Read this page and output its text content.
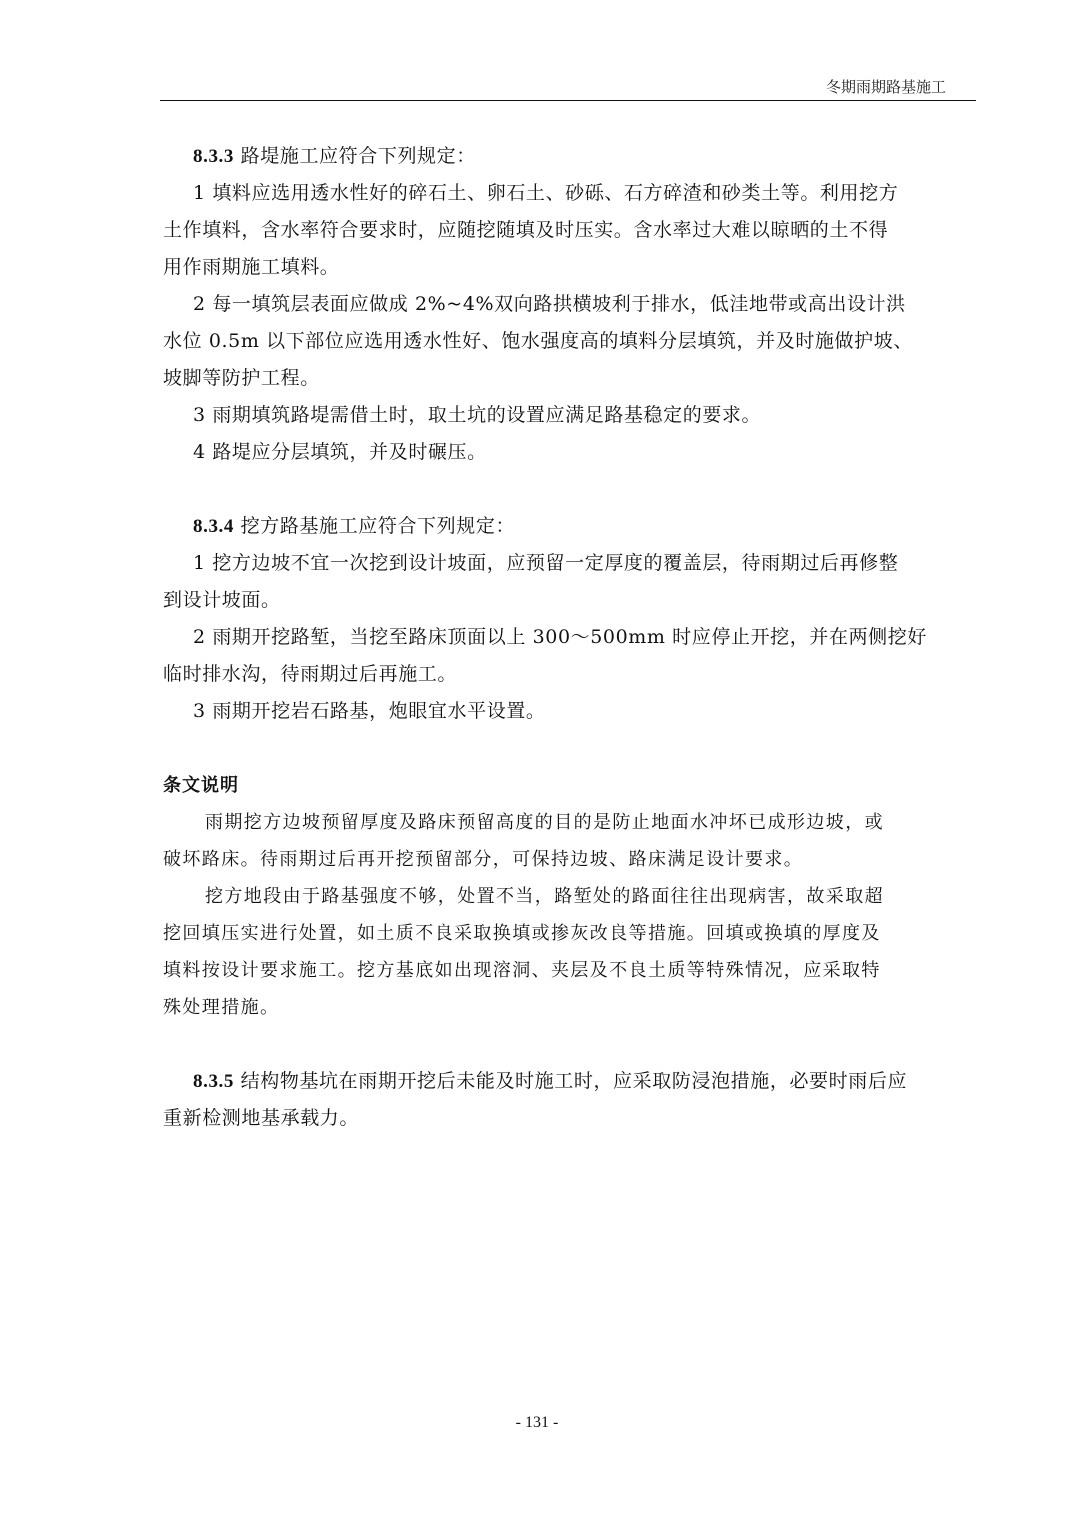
冬期雨期路基施工
8.3.3 路堤施工应符合下列规定：
1 填料应选用透水性好的碎石土、卵石土、砂砾、石方碎渣和砂类土等。利用挖方
土作填料，含水率符合要求时，应随挖随填及时压实。含水率过大难以晾晒的土不得
用作雨期施工填料。
2 每一填筑层表面应做成 2%~4%双向路拱横坡利于排水，低洼地带或高出设计洪
水位 0.5m 以下部位应选用透水性好、饱水强度高的填料分层填筑，并及时施做护坡、
坡脚等防护工程。
3 雨期填筑路堤需借土时，取土坑的设置应满足路基稳定的要求。
4 路堤应分层填筑，并及时碾压。
8.3.4 挖方路基施工应符合下列规定：
1 挖方边坡不宜一次挖到设计坡面，应预留一定厚度的覆盖层，待雨期过后再修整
到设计坡面。
2 雨期开挖路堑，当挖至路床顶面以上 300～500mm 时应停止开挖，并在两侧挖好
临时排水沟，待雨期过后再施工。
3 雨期开挖岩石路基，炮眼宜水平设置。
条文说明
雨期挖方边坡预留厚度及路床预留高度的目的是防止地面水冲坏已成形边坡，或
破坏路床。待雨期过后再开挖预留部分，可保持边坡、路床满足设计要求。
挖方地段由于路基强度不够，处置不当，路堑处的路面往往出现病害，故采取超
挖回填压实进行处置，如土质不良采取换填或掺灰改良等措施。回填或换填的厚度及
填料按设计要求施工。挖方基底如出现溶洞、夹层及不良土质等特殊情况，应采取特
殊处理措施。
8.3.5 结构物基坑在雨期开挖后未能及时施工时，应采取防浸泡措施，必要时雨后应
重新检测地基承载力。
- 131 -
